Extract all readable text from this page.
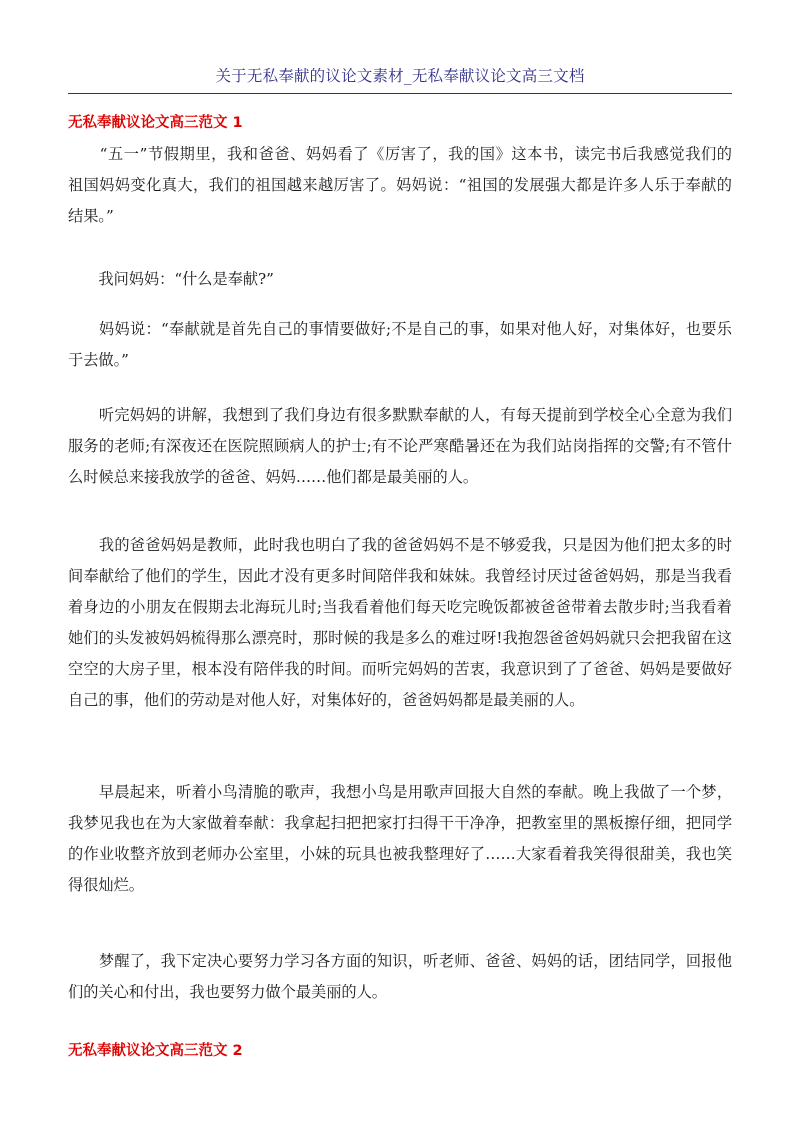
关于无私奉献的议论文素材_无私奉献议论文高三文档
无私奉献议论文高三范文 1
　　“五一”节假期里，我和爸爸、妈妈看了《厉害了，我的国》这本书，读完书后我感觉我们的
祖国妈妈变化真大，我们的祖国越来越厉害了。妈妈说：“祖国的发展强大都是许多人乐于奉献的
结果。”
　　我问妈妈：“什么是奉献?”
　　妈妈说：“奉献就是首先自己的事情要做好;不是自己的事，如果对他人好，对集体好，也要乐
于去做。”
　　听完妈妈的讲解，我想到了我们身边有很多默默奉献的人，有每天提前到学校全心全意为我们
服务的老师;有深夜还在医院照顾病人的护士;有不论严寒酷暑还在为我们站岗指挥的交警;有不管什
么时候总来接我放学的爸爸、妈妈……他们都是最美丽的人。
　　我的爸爸妈妈是教师，此时我也明白了我的爸爸妈妈不是不够爱我，只是因为他们把太多的时
间奉献给了他们的学生，因此才没有更多时间陪伴我和妹妹。我曾经讨厌过爸爸妈妈，那是当我看
着身边的小朋友在假期去北海玩儿时;当我看着他们每天吃完晚饭都被爸爸带着去散步时;当我看着
她们的头发被妈妈梳得那么漂亮时，那时候的我是多么的难过呀!我抱怨爸爸妈妈就只会把我留在这
空空的大房子里，根本没有陪伴我的时间。而听完妈妈的苦衷，我意识到了了爸爸、妈妈是要做好
自己的事，他们的劳动是对他人好，对集体好的，爸爸妈妈都是最美丽的人。
　　早晨起来，听着小鸟清脆的歌声，我想小鸟是用歌声回报大自然的奉献。晚上我做了一个梦，
我梦见我也在为大家做着奉献：我拿起扫把把家打扫得干干净净，把教室里的黑板擦仔细，把同学
的作业收整齐放到老师办公室里，小妹的玩具也被我整理好了……大家看着我笑得很甜美，我也笑
得很灿烂。
　　梦醒了，我下定决心要努力学习各方面的知识，听老师、爸爸、妈妈的话，团结同学，回报他
们的关心和付出，我也要努力做个最美丽的人。
无私奉献议论文高三范文 2
